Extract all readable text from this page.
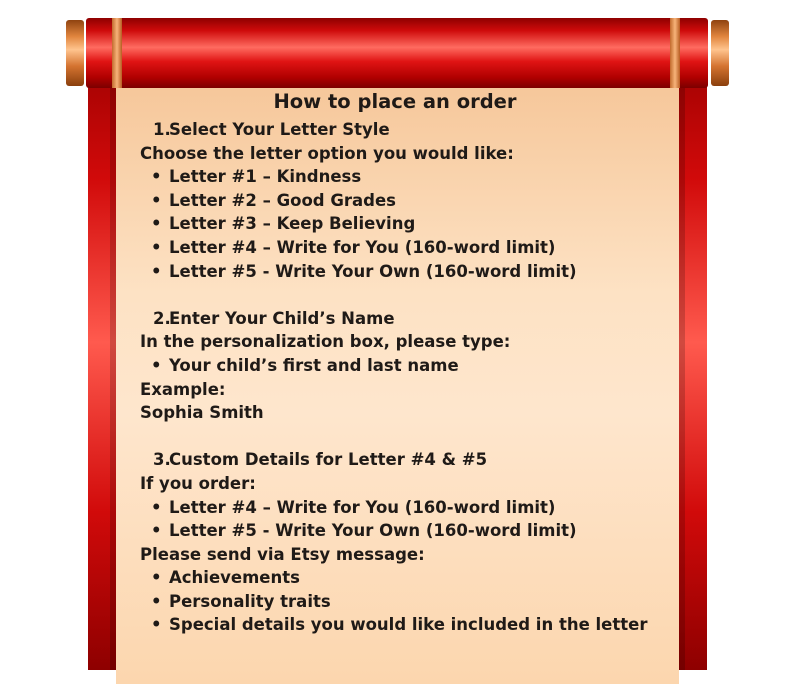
How to place an order
1.Select Your Letter Style
Choose the letter option you would like:
• Letter #1 – Kindness
• Letter #2 – Good Grades
• Letter #3 – Keep Believing
• Letter #4 – Write for You (160-word limit)
• Letter #5 - Write Your Own (160-word limit)
2.Enter Your Child’s Name
In the personalization box, please type:
• Your child’s first and last name
Example:
Sophia Smith
3.Custom Details for Letter #4 & #5
If you order:
• Letter #4 – Write for You (160-word limit)
• Letter #5 - Write Your Own (160-word limit)
Please send via Etsy message:
• Achievements
• Personality traits
• Special details you would like included in the letter
